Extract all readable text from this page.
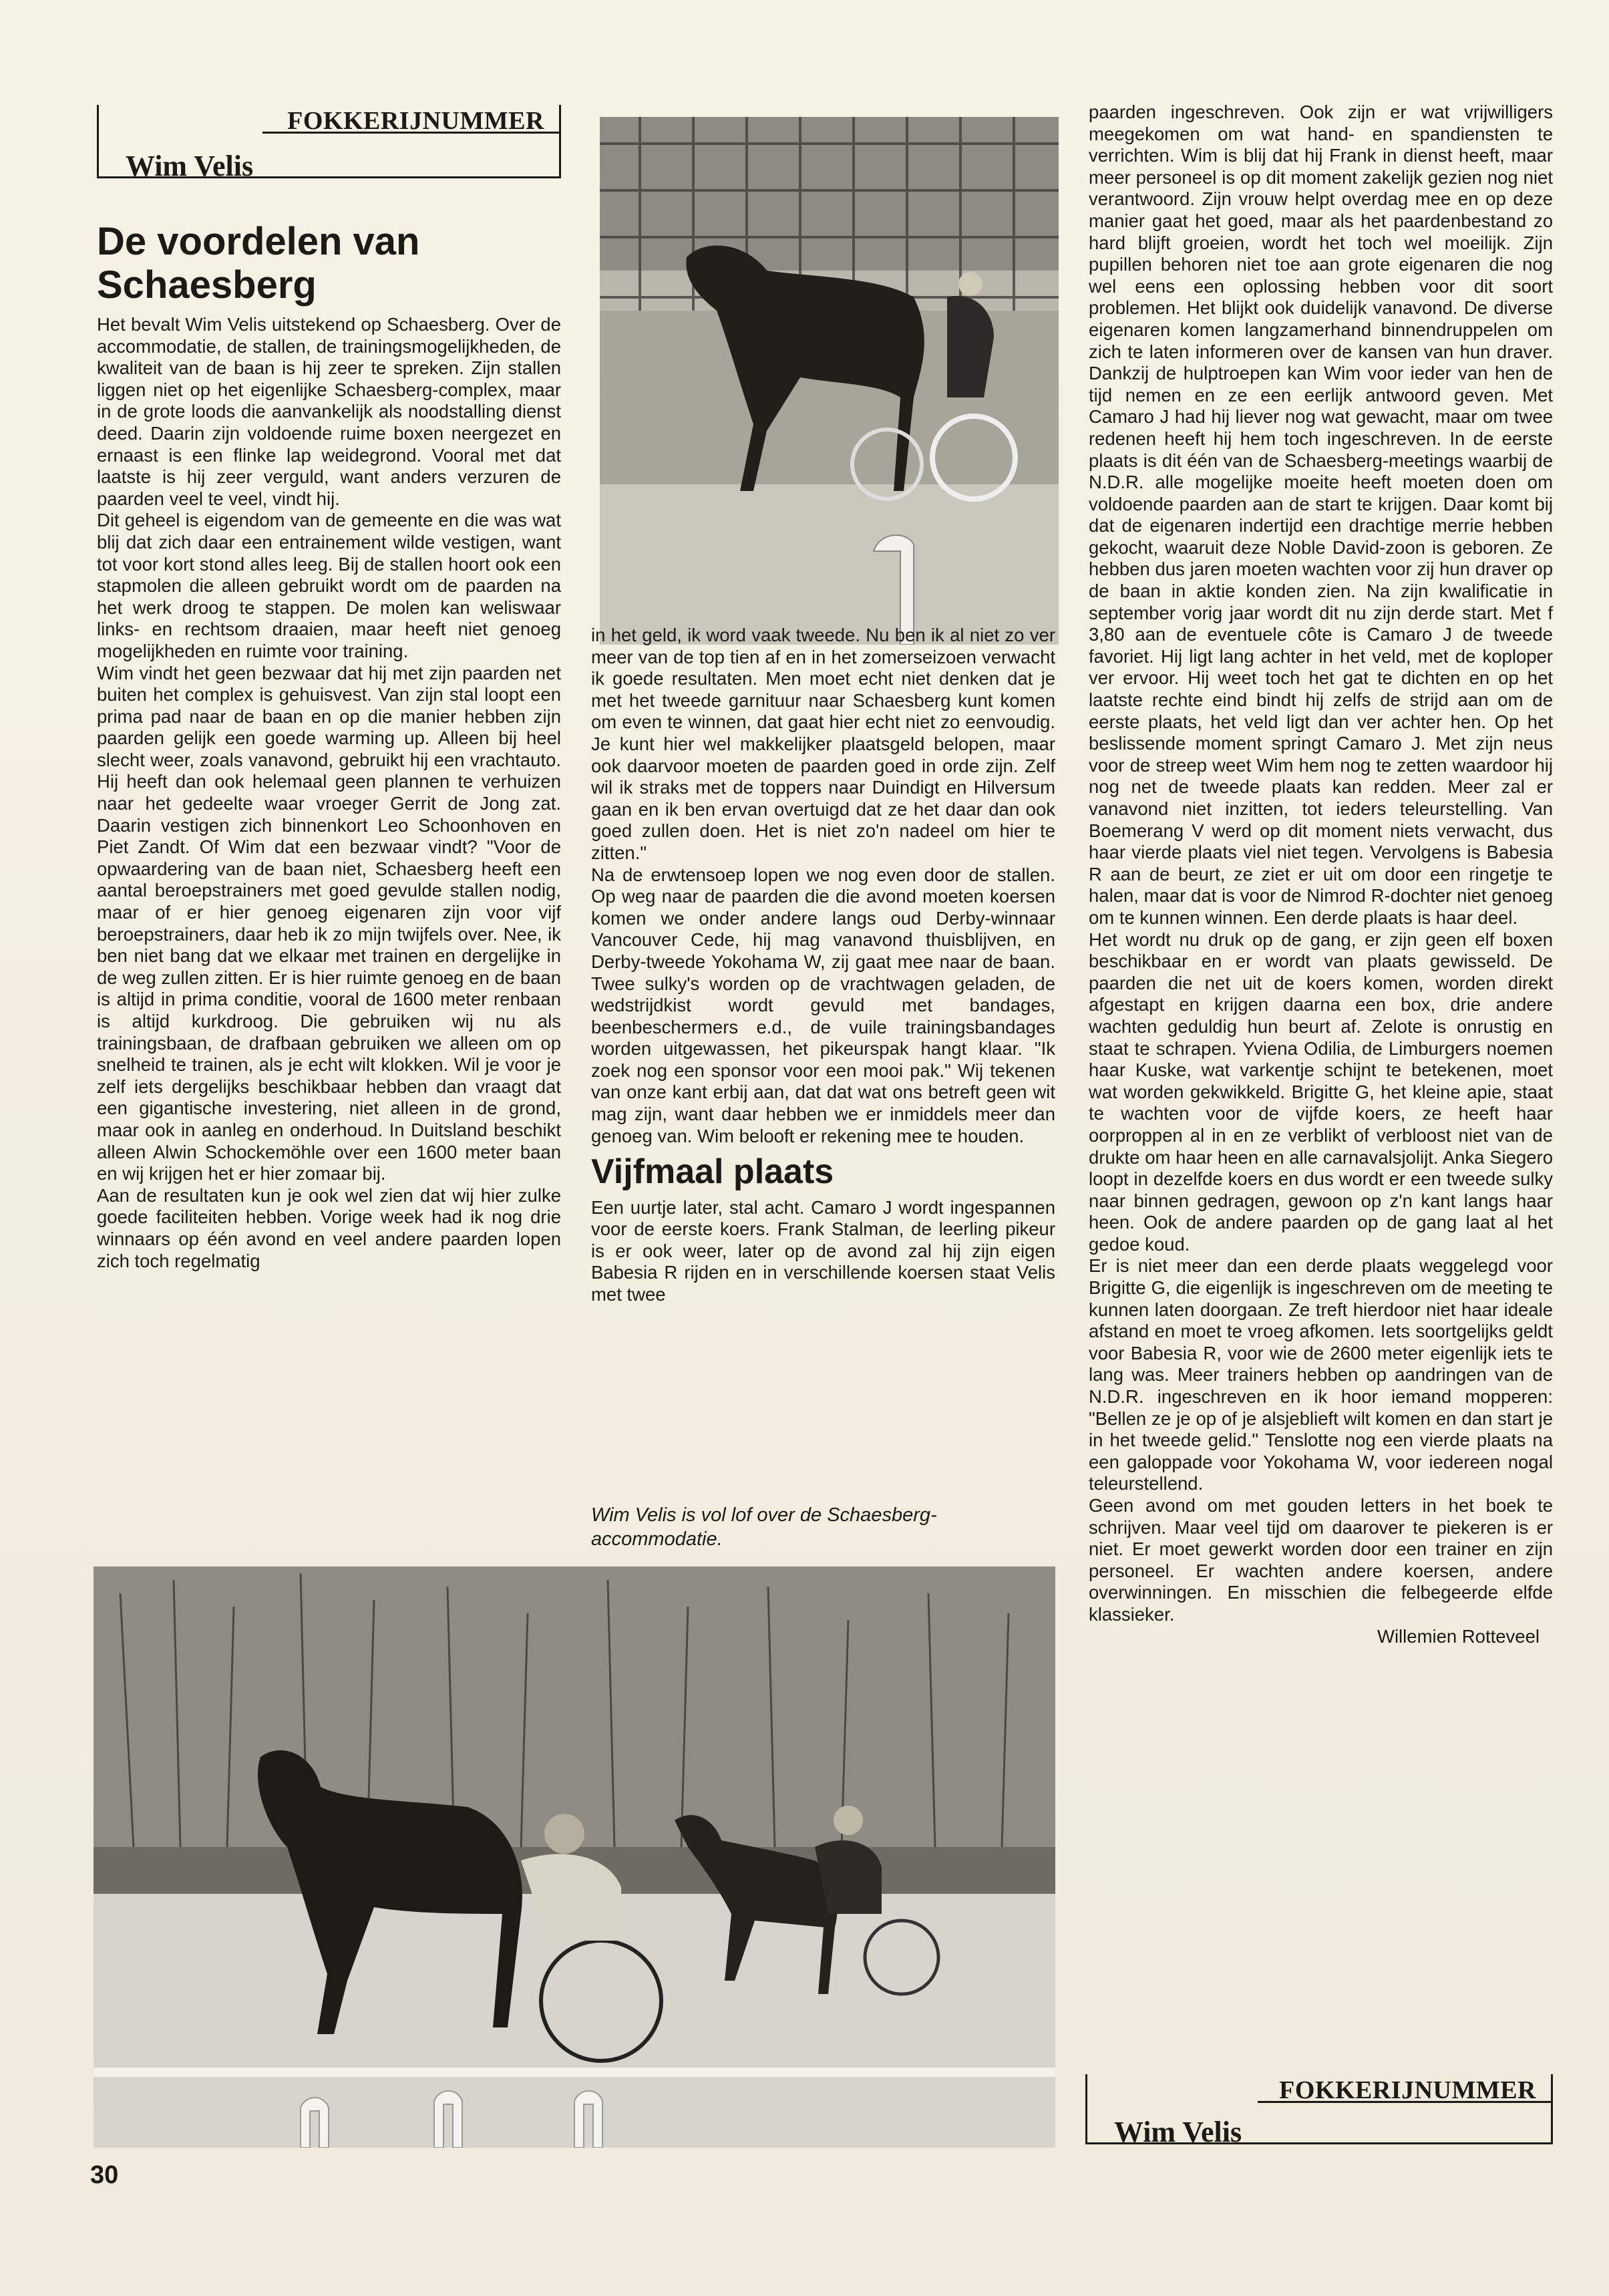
FOKKERIJNUMMER
Wim Velis
De voordelen van Schaesberg

Het bevalt Wim Velis uitstekend op Schaesberg. Over de accommodatie, de stallen, de trainingsmogelijkheden, de kwaliteit van de baan is hij zeer te spreken. Zijn stallen liggen niet op het eigenlijke Schaesberg-complex, maar in de grote loods die aanvankelijk als noodstalling dienst deed. Daarin zijn voldoende ruime boxen neergezet en ernaast is een flinke lap weidegrond. Vooral met dat laatste is hij zeer verguld, want anders verzuren de paarden veel te veel, vindt hij.

Dit geheel is eigendom van de gemeente en die was wat blij dat zich daar een entrainement wilde vestigen, want tot voor kort stond alles leeg. Bij de stallen hoort ook een stapmolen die alleen gebruikt wordt om de paarden na het werk droog te stappen. De molen kan weliswaar links- en rechtsom draaien, maar heeft niet genoeg mogelijkheden en ruimte voor training.

Wim vindt het geen bezwaar dat hij met zijn paarden net buiten het complex is gehuisvest. Van zijn stal loopt een prima pad naar de baan en op die manier hebben zijn paarden gelijk een goede warming up. Alleen bij heel slecht weer, zoals vanavond, gebruikt hij een vrachtauto. Hij heeft dan ook helemaal geen plannen te verhuizen naar het gedeelte waar vroeger Gerrit de Jong zat. Daarin vestigen zich binnenkort Leo Schoonhoven en Piet Zandt. Of Wim dat een bezwaar vindt? "Voor de opwaardering van de baan niet, Schaesberg heeft een aantal beroepstrainers met goed gevulde stallen nodig, maar of er hier genoeg eigenaren zijn voor vijf beroepstrainers, daar heb ik zo mijn twijfels over. Nee, ik ben niet bang dat we elkaar met trainen en dergelijke in de weg zullen zitten. Er is hier ruimte genoeg en de baan is altijd in prima conditie, vooral de 1600 meter renbaan is altijd kurkdroog. Die gebruiken wij nu als trainingsbaan, de drafbaan gebruiken we alleen om op snelheid te trainen, als je echt wilt klokken. Wil je voor je zelf iets dergelijks beschikbaar hebben dan vraagt dat een gigantische investering, niet alleen in de grond, maar ook in aanleg en onderhoud. In Duitsland beschikt alleen Alwin Schockemöhle over een 1600 meter baan en wij krijgen het er hier zomaar bij.

Aan de resultaten kun je ook wel zien dat wij hier zulke goede faciliteiten hebben. Vorige week had ik nog drie winnaars op één avond en veel andere paarden lopen zich toch regelmatig

in het geld, ik word vaak tweede. Nu ben ik al niet zo ver meer van de top tien af en in het zomerseizoen verwacht ik goede resultaten. Men moet echt niet denken dat je met het tweede garnituur naar Schaesberg kunt komen om even te winnen, dat gaat hier echt niet zo eenvoudig. Je kunt hier wel makkelijker plaatsgeld belopen, maar ook daarvoor moeten de paarden goed in orde zijn. Zelf wil ik straks met de toppers naar Duindigt en Hilversum gaan en ik ben ervan overtuigd dat ze het daar dan ook goed zullen doen. Het is niet zo'n nadeel om hier te zitten."

Na de erwtensoep lopen we nog even door de stallen. Op weg naar de paarden die die avond moeten koersen komen we onder andere langs oud Derby-winnaar Vancouver Cede, hij mag vanavond thuisblijven, en Derby-tweede Yokohama W, zij gaat mee naar de baan. Twee sulky's worden op de vrachtwagen geladen, de wedstrijdkist wordt gevuld met bandages, beenbeschermers e.d., de vuile trainingsbandages worden uitgewassen, het pikeurspak hangt klaar. "Ik zoek nog een sponsor voor een mooi pak." Wij tekenen van onze kant erbij aan, dat dat wat ons betreft geen wit mag zijn, want daar hebben we er inmiddels meer dan genoeg van. Wim belooft er rekening mee te houden.

Vijfmaal plaats

Een uurtje later, stal acht. Camaro J wordt ingespannen voor de eerste koers. Frank Stalman, de leerling pikeur is er ook weer, later op de avond zal hij zijn eigen Babesia R rijden en in verschillende koersen staat Velis met twee

Wim Velis is vol lof over de Schaesberg-accommodatie.

paarden ingeschreven. Ook zijn er wat vrijwilligers meegekomen om wat hand- en spandiensten te verrichten. Wim is blij dat hij Frank in dienst heeft, maar meer personeel is op dit moment zakelijk gezien nog niet verantwoord. Zijn vrouw helpt overdag mee en op deze manier gaat het goed, maar als het paardenbestand zo hard blijft groeien, wordt het toch wel moeilijk. Zijn pupillen behoren niet toe aan grote eigenaren die nog wel eens een oplossing hebben voor dit soort problemen. Het blijkt ook duidelijk vanavond. De diverse eigenaren komen langzamerhand binnendruppelen om zich te laten informeren over de kansen van hun draver. Dankzij de hulptroepen kan Wim voor ieder van hen de tijd nemen en ze een eerlijk antwoord geven. Met Camaro J had hij liever nog wat gewacht, maar om twee redenen heeft hij hem toch ingeschreven. In de eerste plaats is dit één van de Schaesberg-meetings waarbij de N.D.R. alle mogelijke moeite heeft moeten doen om voldoende paarden aan de start te krijgen. Daar komt bij dat de eigenaren indertijd een drachtige merrie hebben gekocht, waaruit deze Noble David-zoon is geboren. Ze hebben dus jaren moeten wachten voor zij hun draver op de baan in aktie konden zien. Na zijn kwalificatie in september vorig jaar wordt dit nu zijn derde start. Met f 3,80 aan de eventuele côte is Camaro J de tweede favoriet. Hij ligt lang achter in het veld, met de koploper ver ervoor. Hij weet toch het gat te dichten en op het laatste rechte eind bindt hij zelfs de strijd aan om de eerste plaats, het veld ligt dan ver achter hen. Op het beslissende moment springt Camaro J. Met zijn neus voor de streep weet Wim hem nog te zetten waardoor hij nog net de tweede plaats kan redden. Meer zal er vanavond niet inzitten, tot ieders teleurstelling. Van Boemerang V werd op dit moment niets verwacht, dus haar vierde plaats viel niet tegen. Vervolgens is Babesia R aan de beurt, ze ziet er uit om door een ringetje te halen, maar dat is voor de Nimrod R-dochter niet genoeg om te kunnen winnen. Een derde plaats is haar deel.

Het wordt nu druk op de gang, er zijn geen elf boxen beschikbaar en er wordt van plaats gewisseld. De paarden die net uit de koers komen, worden direkt afgestapt en krijgen daarna een box, drie andere wachten geduldig hun beurt af. Zelote is onrustig en staat te schrapen. Yviena Odilia, de Limburgers noemen haar Kuske, wat varkentje schijnt te betekenen, moet wat worden gekwikkeld. Brigitte G, het kleine apie, staat te wachten voor de vijfde koers, ze heeft haar oorproppen al in en ze verblikt of verbloost niet van de drukte om haar heen en alle carnavalsjolijt. Anka Siegero loopt in dezelfde koers en dus wordt er een tweede sulky naar binnen gedragen, gewoon op z'n kant langs haar heen. Ook de andere paarden op de gang laat al het gedoe koud.

Er is niet meer dan een derde plaats weggelegd voor Brigitte G, die eigenlijk is ingeschreven om de meeting te kunnen laten doorgaan. Ze treft hierdoor niet haar ideale afstand en moet te vroeg afkomen. Iets soortgelijks geldt voor Babesia R, voor wie de 2600 meter eigenlijk iets te lang was. Meer trainers hebben op aandringen van de N.D.R. ingeschreven en ik hoor iemand mopperen: "Bellen ze je op of je alsjeblieft wilt komen en dan start je in het tweede gelid." Tenslotte nog een vierde plaats na een galoppade voor Yokohama W, voor iedereen nogal teleurstellend.

Geen avond om met gouden letters in het boek te schrijven. Maar veel tijd om daarover te piekeren is er niet. Er moet gewerkt worden door een trainer en zijn personeel. Er wachten andere koersen, andere overwinningen. En misschien die felbegeerde elfde klassieker.

Willemien Rotteveel

FOKKERIJNUMMER
Wim Velis
30
